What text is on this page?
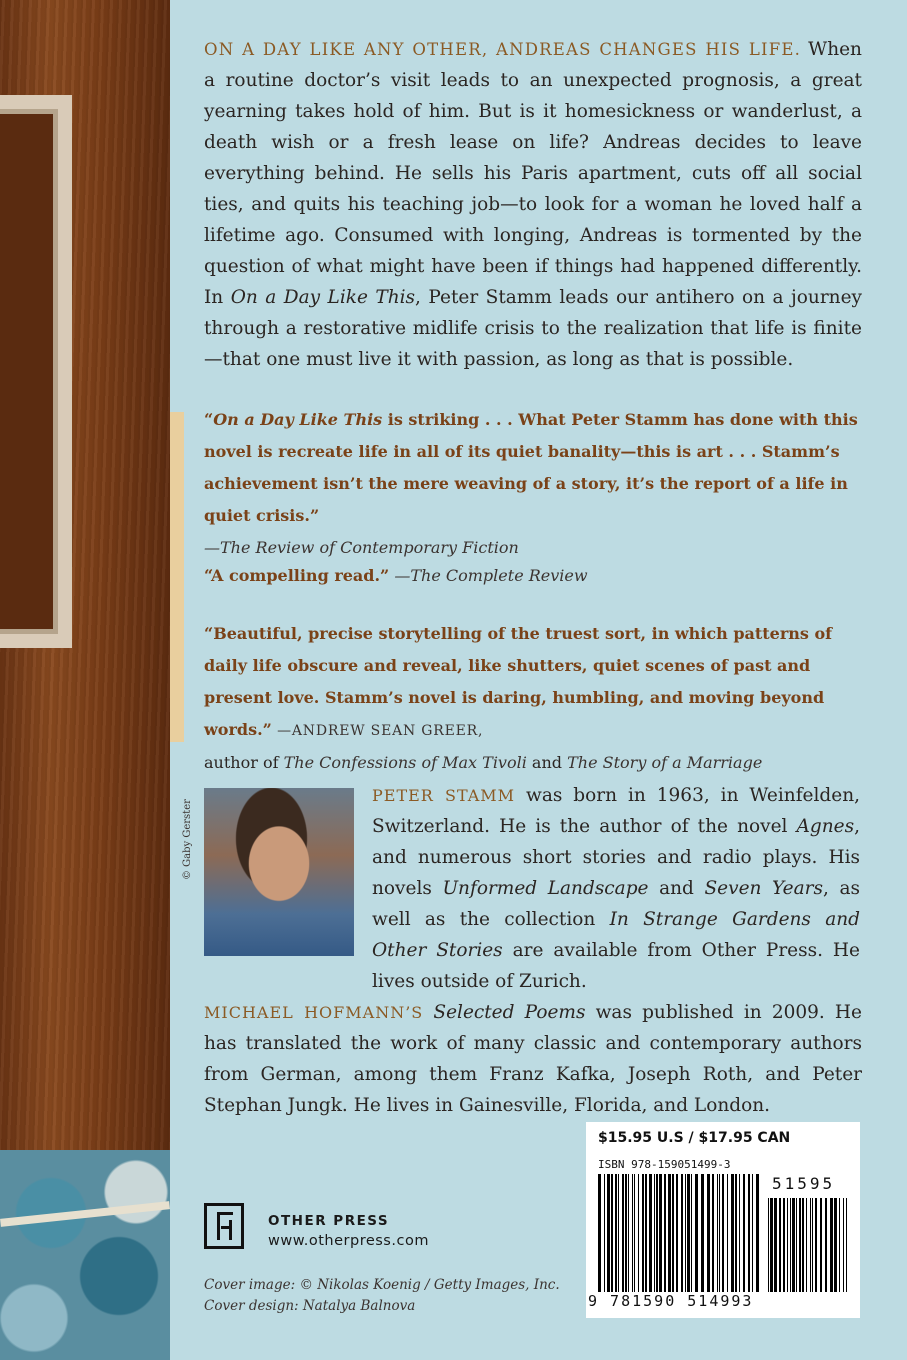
ON A DAY LIKE ANY OTHER, ANDREAS CHANGES HIS LIFE. When a routine doctor’s visit leads to an unexpected prognosis, a great yearning takes hold of him. But is it homesickness or wanderlust, a death wish or a fresh lease on life? Andreas decides to leave everything behind. He sells his Paris apartment, cuts off all social ties, and quits his teaching job—to look for a woman he loved half a lifetime ago. Consumed with longing, Andreas is tormented by the question of what might have been if things had happened differently. In On a Day Like This, Peter Stamm leads our antihero on a journey through a restorative midlife crisis to the realization that life is finite—that one must live it with passion, as long as that is possible.

“On a Day Like This is striking . . . What Peter Stamm has done with this novel is recreate life in all of its quiet banality—this is art . . . Stamm’s achievement isn’t the mere weaving of a story, it’s the report of a life in quiet crisis.”
—The Review of Contemporary Fiction
“A compelling read.” —The Complete Review
“Beautiful, precise storytelling of the truest sort, in which patterns of daily life obscure and reveal, like shutters, quiet scenes of past and present love. Stamm’s novel is daring, humbling, and moving beyond words.” —ANDREW SEAN GREER,
author of The Confessions of Max Tivoli and The Story of a Marriage
© Gaby Gerster

PETER STAMM was born in 1963, in Weinfelden, Switzerland. He is the author of the novel Agnes, and numerous short stories and radio plays. His novels Unformed Landscape and Seven Years, as well as the collection In Strange Gardens and Other Stories are available from Other Press. He lives outside of Zurich.

MICHAEL HOFMANN’S Selected Poems was published in 2009. He has translated the work of many classic and contemporary authors from German, among them Franz Kafka, Joseph Roth, and Peter Stephan Jungk. He lives in Gainesville, Florida, and London.

OTHER PRESS
www.otherpress.com
Cover image: © Nikolas Koenig / Getty Images, Inc.
Cover design: Natalya Balnova
$15.95 U.S / $17.95 CAN
ISBN 978-159051499-3
51595
9 781590 514993
